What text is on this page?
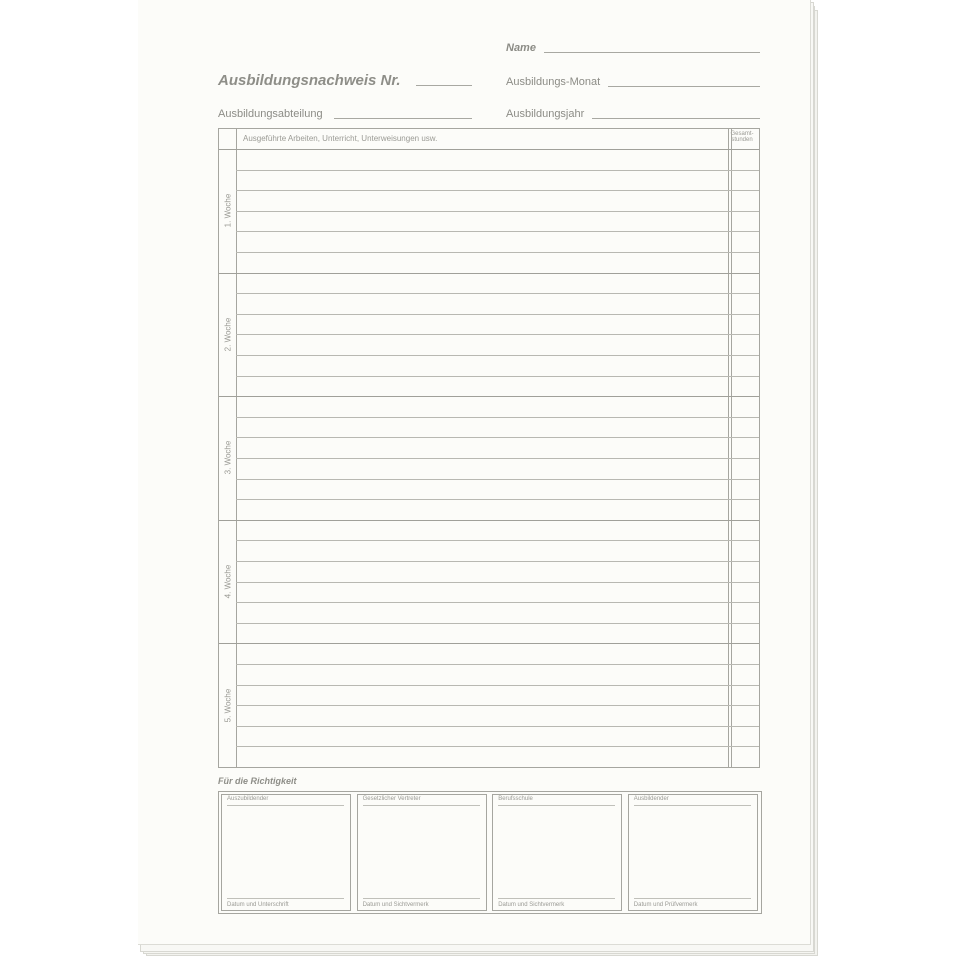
Name
Ausbildungsnachweis Nr.	Ausbildungs-Monat
Ausbildungsabteilung	Ausbildungsjahr
Ausgeführte Arbeiten, Unterricht, Unterweisungen usw.	Gesamt-
stunden
1. Woche
2. Woche
3. Woche
4. Woche
5. Woche
Für die Richtigkeit
Auszubildender
Datum und Unterschrift
Gesetzlicher Vertreter
Datum und Sichtvermerk
Berufsschule
Datum und Sichtvermerk
Ausbildender
Datum und Prüfvermerk
